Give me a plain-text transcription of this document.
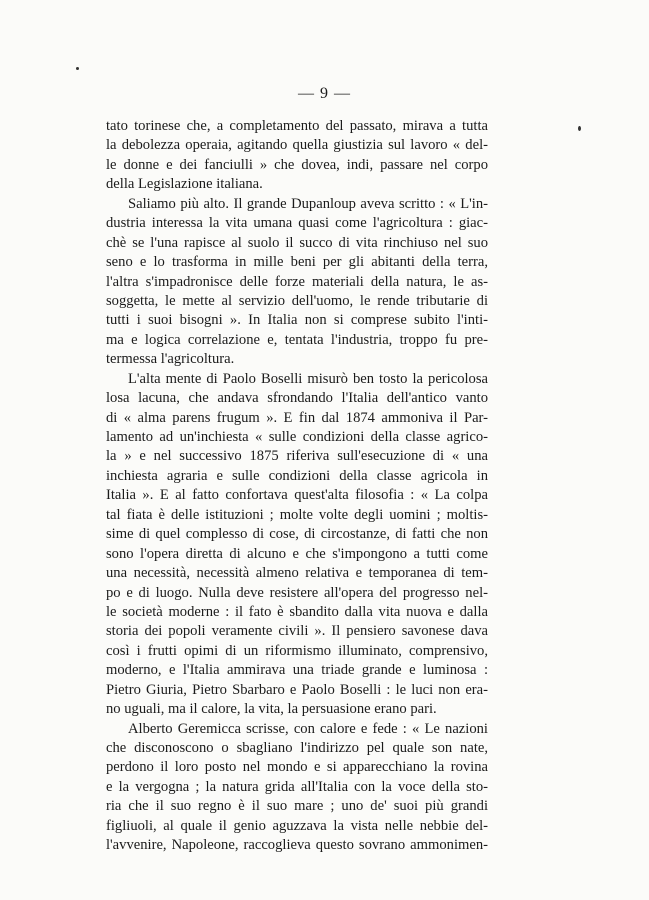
— 9 —
tato torinese che, a completamento del passato, mirava a tutta
la debolezza operaia, agitando quella giustizia sul lavoro « del-
le donne e dei fanciulli » che dovea, indi, passare nel corpo
della Legislazione italiana.
Saliamo più alto. Il grande Dupanloup aveva scritto : « L'in-
dustria interessa la vita umana quasi come l'agricoltura : giac-
chè se l'una rapisce al suolo il succo di vita rinchiuso nel suo
seno e lo trasforma in mille beni per gli abitanti della terra,
l'altra s'impadronisce delle forze materiali della natura, le as-
soggetta, le mette al servizio dell'uomo, le rende tributarie di
tutti i suoi bisogni ». In Italia non si comprese subito l'inti-
ma e logica correlazione e, tentata l'industria, troppo fu pre-
termessa l'agricoltura.
L'alta mente di Paolo Boselli misurò ben tosto la pericolosa
losa lacuna, che andava sfrondando l'Italia dell'antico vanto
di « alma parens frugum ». E fin dal 1874 ammoniva il Par-
lamento ad un'inchiesta « sulle condizioni della classe agrico-
la » e nel successivo 1875 riferiva sull'esecuzione di « una
inchiesta agraria e sulle condizioni della classe agricola in
Italia ». E al fatto confortava quest'alta filosofia : « La colpa
tal fiata è delle istituzioni ; molte volte degli uomini ; moltis-
sime di quel complesso di cose, di circostanze, di fatti che non
sono l'opera diretta di alcuno e che s'impongono a tutti come
una necessità, necessità almeno relativa e temporanea di tem-
po e di luogo. Nulla deve resistere all'opera del progresso nel-
le società moderne : il fato è sbandito dalla vita nuova e dalla
storia dei popoli veramente civili ». Il pensiero savonese dava
così i frutti opimi di un riformismo illuminato, comprensivo,
moderno, e l'Italia ammirava una triade grande e luminosa :
Pietro Giuria, Pietro Sbarbaro e Paolo Boselli : le luci non era-
no uguali, ma il calore, la vita, la persuasione erano pari.
Alberto Geremicca scrisse, con calore e fede : « Le nazioni
che disconoscono o sbagliano l'indirizzo pel quale son nate,
perdono il loro posto nel mondo e si apparecchiano la rovina
e la vergogna ; la natura grida all'Italia con la voce della sto-
ria che il suo regno è il suo mare ; uno de' suoi più grandi
figliuoli, al quale il genio aguzzava la vista nelle nebbie del-
l'avvenire, Napoleone, raccoglieva questo sovrano ammonimen-
